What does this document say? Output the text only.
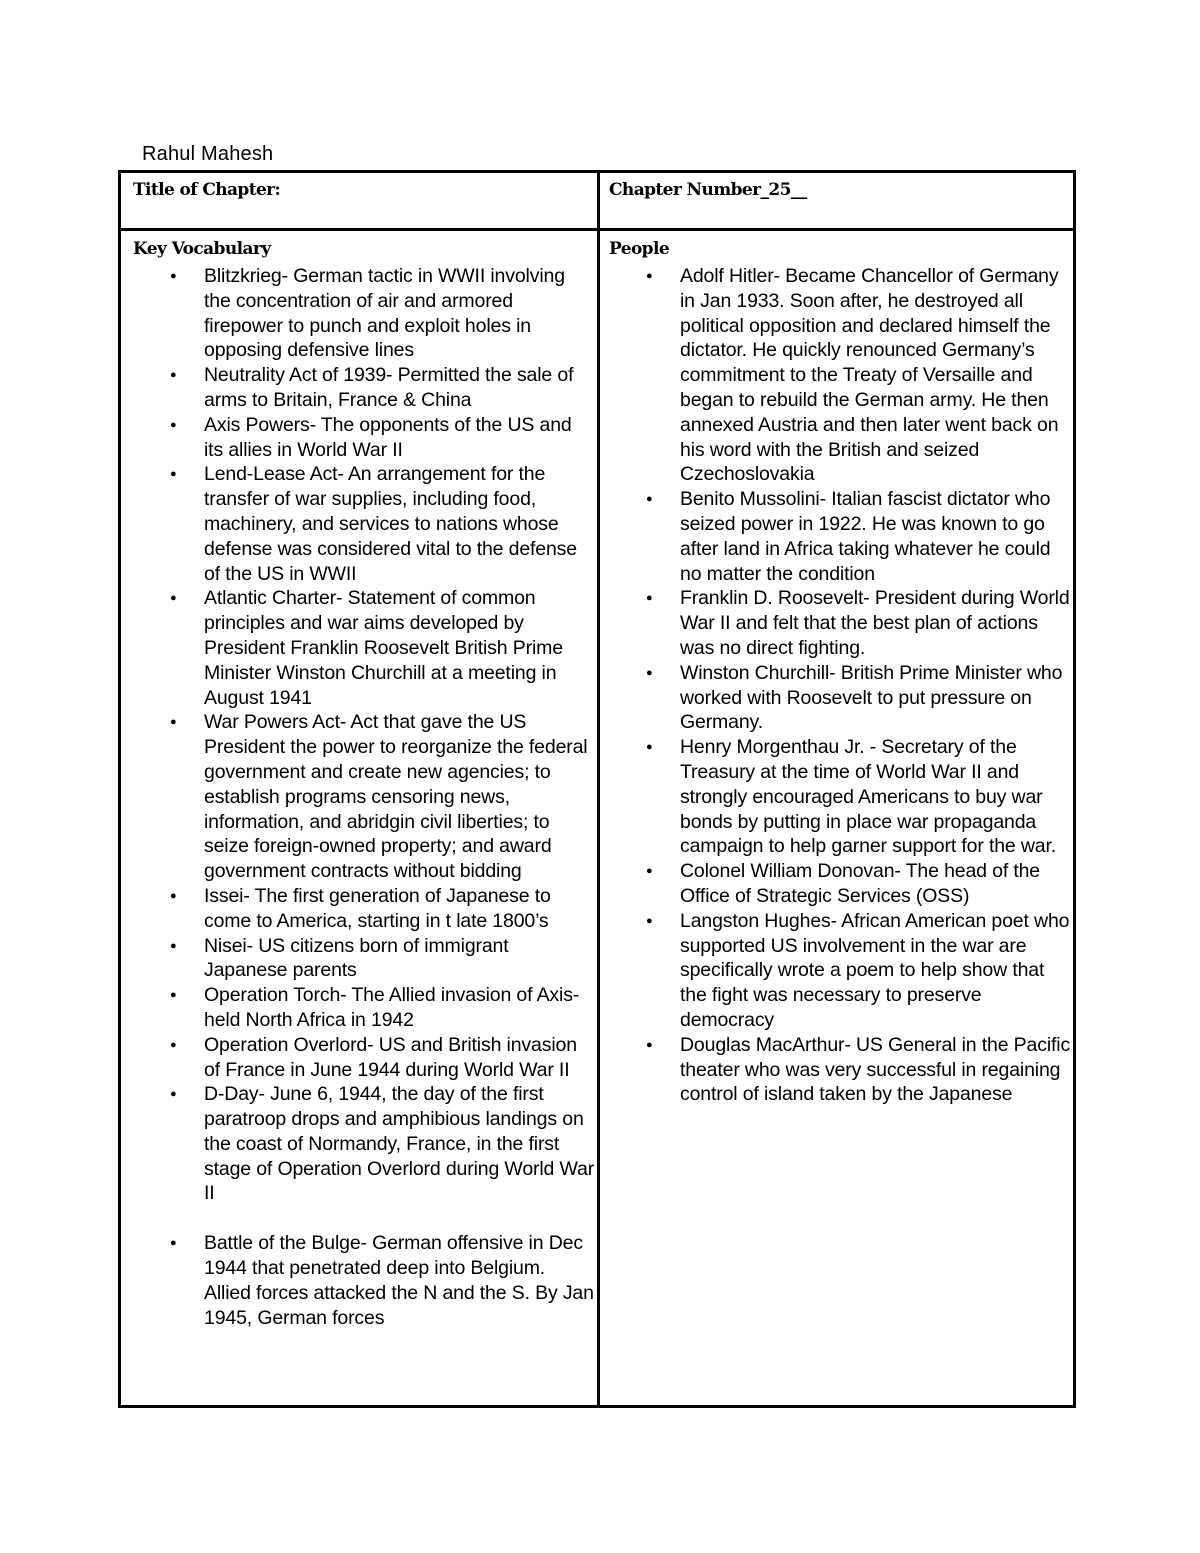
Rahul Mahesh
Title of Chapter:	Chapter Number_25__
Key Vocabulary
● Blitzkrieg- German tactic in WWII involving the concentration of air and armored firepower to punch and exploit holes in opposing defensive lines
● Neutrality Act of 1939- Permitted the sale of arms to Britain, France & China
● Axis Powers- The opponents of the US and its allies in World War II
● Lend-Lease Act- An arrangement for the transfer of war supplies, including food, machinery, and services to nations whose defense was considered vital to the defense of the US in WWII
● Atlantic Charter- Statement of common principles and war aims developed by President Franklin Roosevelt British Prime Minister Winston Churchill at a meeting in August 1941
● War Powers Act- Act that gave the US President the power to reorganize the federal government and create new agencies; to establish programs censoring news, information, and abridgin civil liberties; to seize foreign-owned property; and award government contracts without bidding
● Issei- The first generation of Japanese to come to America, starting in t late 1800’s
● Nisei- US citizens born of immigrant Japanese parents
● Operation Torch- The Allied invasion of Axis-held North Africa in 1942
● Operation Overlord- US and British invasion of France in June 1944 during World War II
● D-Day- June 6, 1944, the day of the first paratroop drops and amphibious landings on the coast of Normandy, France, in the first stage of Operation Overlord during World War II
● Battle of the Bulge- German offensive in Dec 1944 that penetrated deep into Belgium. Allied forces attacked the N and the S. By Jan 1945, German forces
People
● Adolf Hitler- Became Chancellor of Germany in Jan 1933. Soon after, he destroyed all political opposition and declared himself the dictator. He quickly renounced Germany’s commitment to the Treaty of Versaille and began to rebuild the German army. He then annexed Austria and then later went back on his word with the British and seized Czechoslovakia
● Benito Mussolini- Italian fascist dictator who seized power in 1922. He was known to go after land in Africa taking whatever he could no matter the condition
● Franklin D. Roosevelt- President during World War II and felt that the best plan of actions was no direct fighting.
● Winston Churchill- British Prime Minister who worked with Roosevelt to put pressure on Germany.
● Henry Morgenthau Jr. - Secretary of the Treasury at the time of World War II and strongly encouraged Americans to buy war bonds by putting in place war propaganda campaign to help garner support for the war.
● Colonel William Donovan- The head of the Office of Strategic Services (OSS)
● Langston Hughes- African American poet who supported US involvement in the war are specifically wrote a poem to help show that the fight was necessary to preserve democracy
● Douglas MacArthur- US General in the Pacific theater who was very successful in regaining control of island taken by the Japanese
